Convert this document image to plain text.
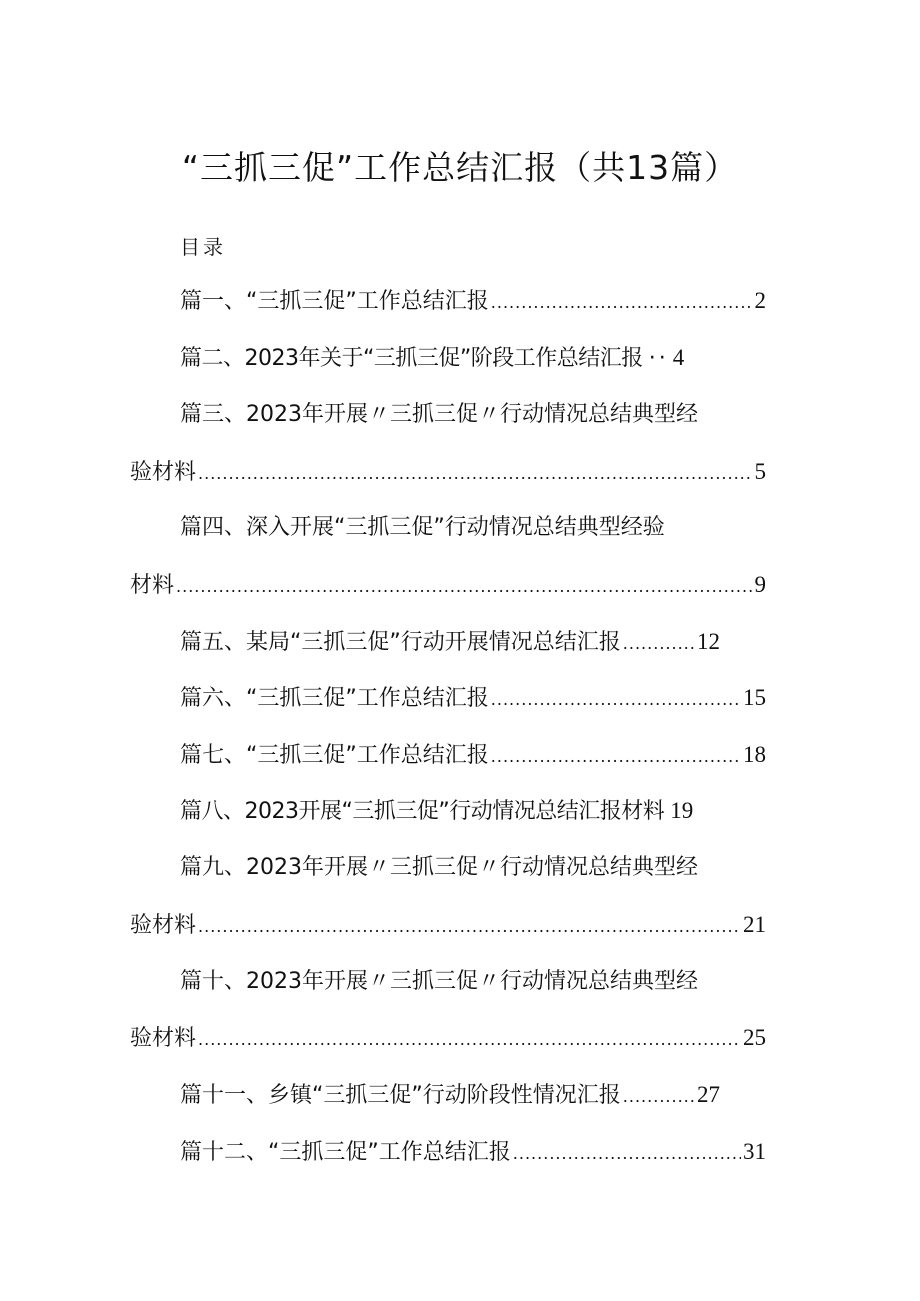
“三抓三促”工作总结汇报（共13篇）
目录
篇一、“三抓三促”工作总结汇报 .....	2
篇二、2023年关于“三抓三促”阶段工作总结汇报 ·· 4
篇三、2023年开展〃三抓三促〃行动情况总结典型经
验材料 .....	5
篇四、深入开展“三抓三促”行动情况总结典型经验
材料 .....	9
篇五、某局“三抓三促”行动开展情况总结汇报 .....	12
篇六、“三抓三促”工作总结汇报 .....	15
篇七、“三抓三促”工作总结汇报 .....	18
篇八、2023开展“三抓三促”行动情况总结汇报材料 19
篇九、2023年开展〃三抓三促〃行动情况总结典型经
验材料 .....	21
篇十、2023年开展〃三抓三促〃行动情况总结典型经
验材料 .....	25
篇十一、乡镇“三抓三促”行动阶段性情况汇报 .....	27
篇十二、“三抓三促”工作总结汇报 .....	31
